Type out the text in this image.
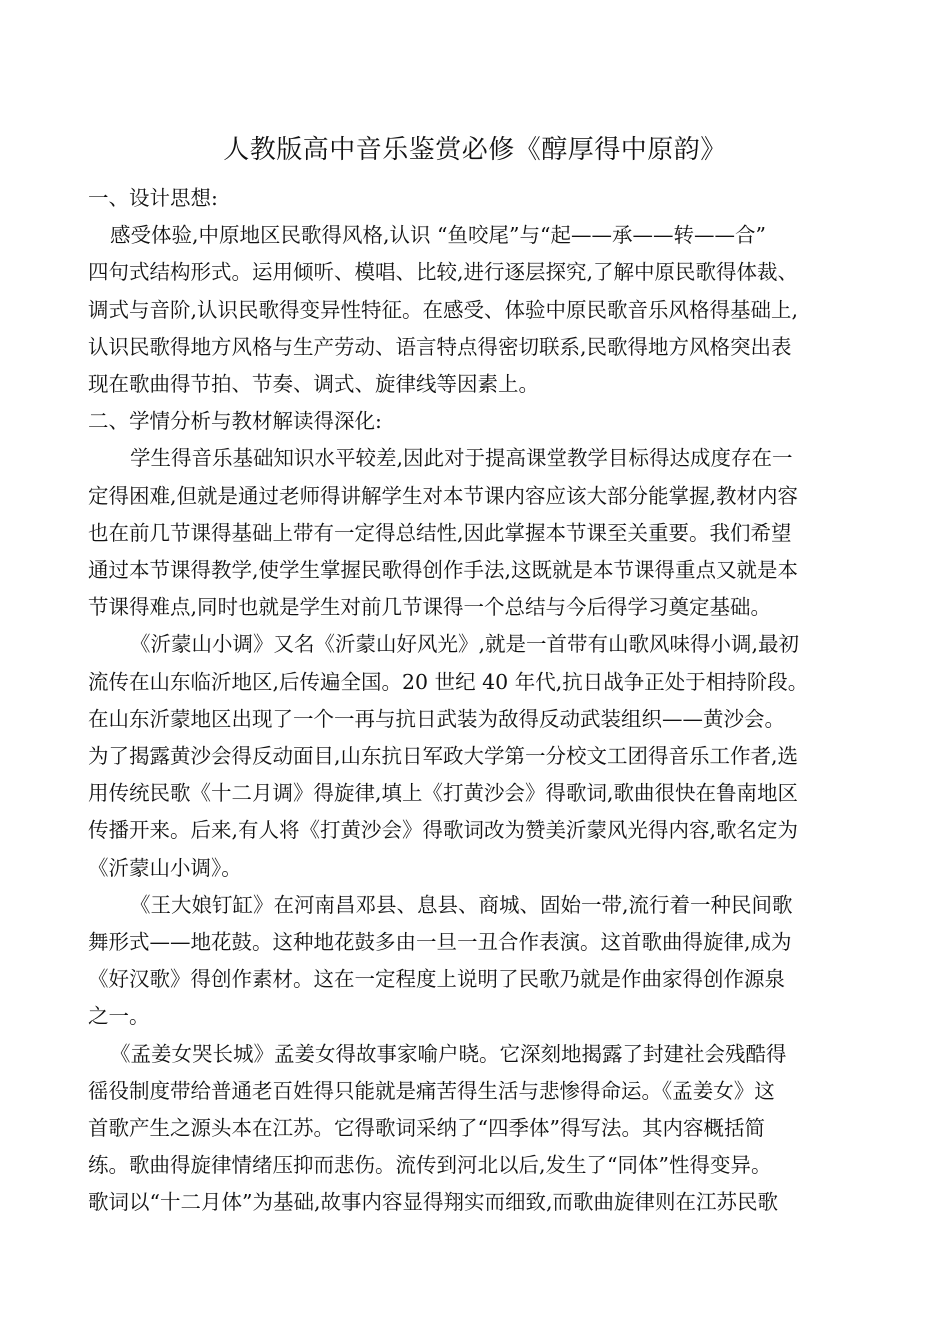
人教版高中音乐鉴赏必修《醇厚得中原韵》
一、设计思想:
感受体验,中原地区民歌得风格,认识 “鱼咬尾”与“起——承——转——合”
四句式结构形式。运用倾听、模唱、比较,进行逐层探究,了解中原民歌得体裁、
调式与音阶,认识民歌得变异性特征。在感受、体验中原民歌音乐风格得基础上,
认识民歌得地方风格与生产劳动、语言特点得密切联系,民歌得地方风格突出表
现在歌曲得节拍、节奏、调式、旋律线等因素上。
二、学情分析与教材解读得深化:
学生得音乐基础知识水平较差,因此对于提高课堂教学目标得达成度存在一
定得困难,但就是通过老师得讲解学生对本节课内容应该大部分能掌握,教材内容
也在前几节课得基础上带有一定得总结性,因此掌握本节课至关重要。我们希望
通过本节课得教学,使学生掌握民歌得创作手法,这既就是本节课得重点又就是本
节课得难点,同时也就是学生对前几节课得一个总结与今后得学习奠定基础。
《沂蒙山小调》又名《沂蒙山好风光》,就是一首带有山歌风味得小调,最初
流传在山东临沂地区,后传遍全国。20 世纪 40 年代,抗日战争正处于相持阶段。
在山东沂蒙地区出现了一个一再与抗日武装为敌得反动武装组织——黄沙会。
为了揭露黄沙会得反动面目,山东抗日军政大学第一分校文工团得音乐工作者,选
用传统民歌《十二月调》得旋律,填上《打黄沙会》得歌词,歌曲很快在鲁南地区
传播开来。后来,有人将《打黄沙会》得歌词改为赞美沂蒙风光得内容,歌名定为
《沂蒙山小调》。
《王大娘钉缸》在河南昌邓县、息县、商城、固始一带,流行着一种民间歌
舞形式——地花鼓。这种地花鼓多由一旦一丑合作表演。这首歌曲得旋律,成为
《好汉歌》得创作素材。这在一定程度上说明了民歌乃就是作曲家得创作源泉
之一。
《孟姜女哭长城》孟姜女得故事家喻户晓。它深刻地揭露了封建社会残酷得
徭役制度带给普通老百姓得只能就是痛苦得生活与悲惨得命运。《孟姜女》这
首歌产生之源头本在江苏。它得歌词采纳了“四季体”得写法。其内容概括简
练。歌曲得旋律情绪压抑而悲伤。流传到河北以后,发生了“同体”性得变异。
歌词以“十二月体”为基础,故事内容显得翔实而细致,而歌曲旋律则在江苏民歌
